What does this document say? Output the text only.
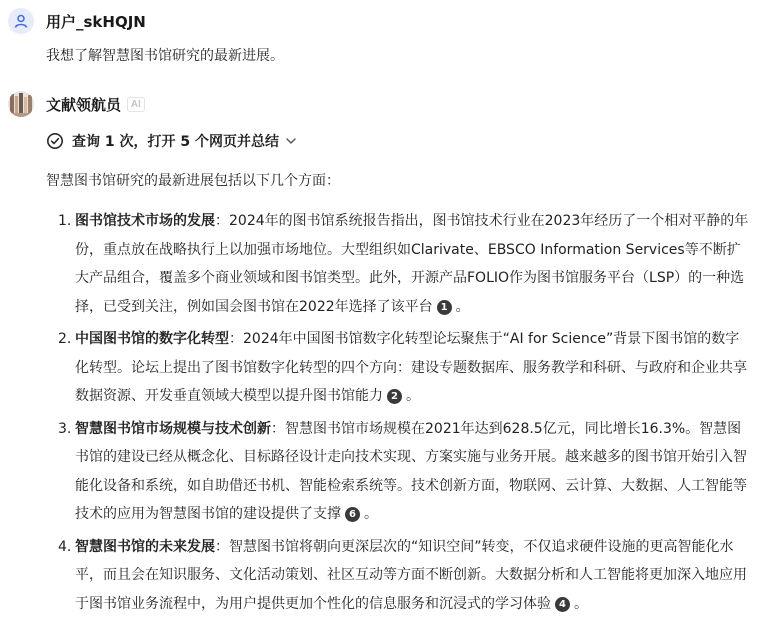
用户_skHQJN
我想了解智慧图书馆研究的最新进展。
文献领航员	AI
查询 1 次，打开 5 个网页并总结
智慧图书馆研究的最新进展包括以下几个方面：
1. 图书馆技术市场的发展：2024年的图书馆系统报告指出，图书馆技术行业在2023年经历了一个相对平静的年份，重点放在战略执行上以加强市场地位。大型组织如Clarivate、EBSCO Information Services等不断扩大产品组合，覆盖多个商业领域和图书馆类型。此外，开源产品FOLIO作为图书馆服务平台（LSP）的一种选择，已受到关注，例如国会图书馆在2022年选择了该平台 1 。
2. 中国图书馆的数字化转型：2024年中国图书馆数字化转型论坛聚焦于“AI for Science”背景下图书馆的数字化转型。论坛上提出了图书馆数字化转型的四个方向：建设专题数据库、服务教学和科研、与政府和企业共享数据资源、开发垂直领域大模型以提升图书馆能力 2 。
3. 智慧图书馆市场规模与技术创新：智慧图书馆市场规模在2021年达到628.5亿元，同比增长16.3%。智慧图书馆的建设已经从概念化、目标路径设计走向技术实现、方案实施与业务开展。越来越多的图书馆开始引入智能化设备和系统，如自助借还书机、智能检索系统等。技术创新方面，物联网、云计算、大数据、人工智能等技术的应用为智慧图书馆的建设提供了支撑 6 。
4. 智慧图书馆的未来发展：智慧图书馆将朝向更深层次的“知识空间”转变，不仅追求硬件设施的更高智能化水平，而且会在知识服务、文化活动策划、社区互动等方面不断创新。大数据分析和人工智能将更加深入地应用于图书馆业务流程中，为用户提供更加个性化的信息服务和沉浸式的学习体验 4 。
